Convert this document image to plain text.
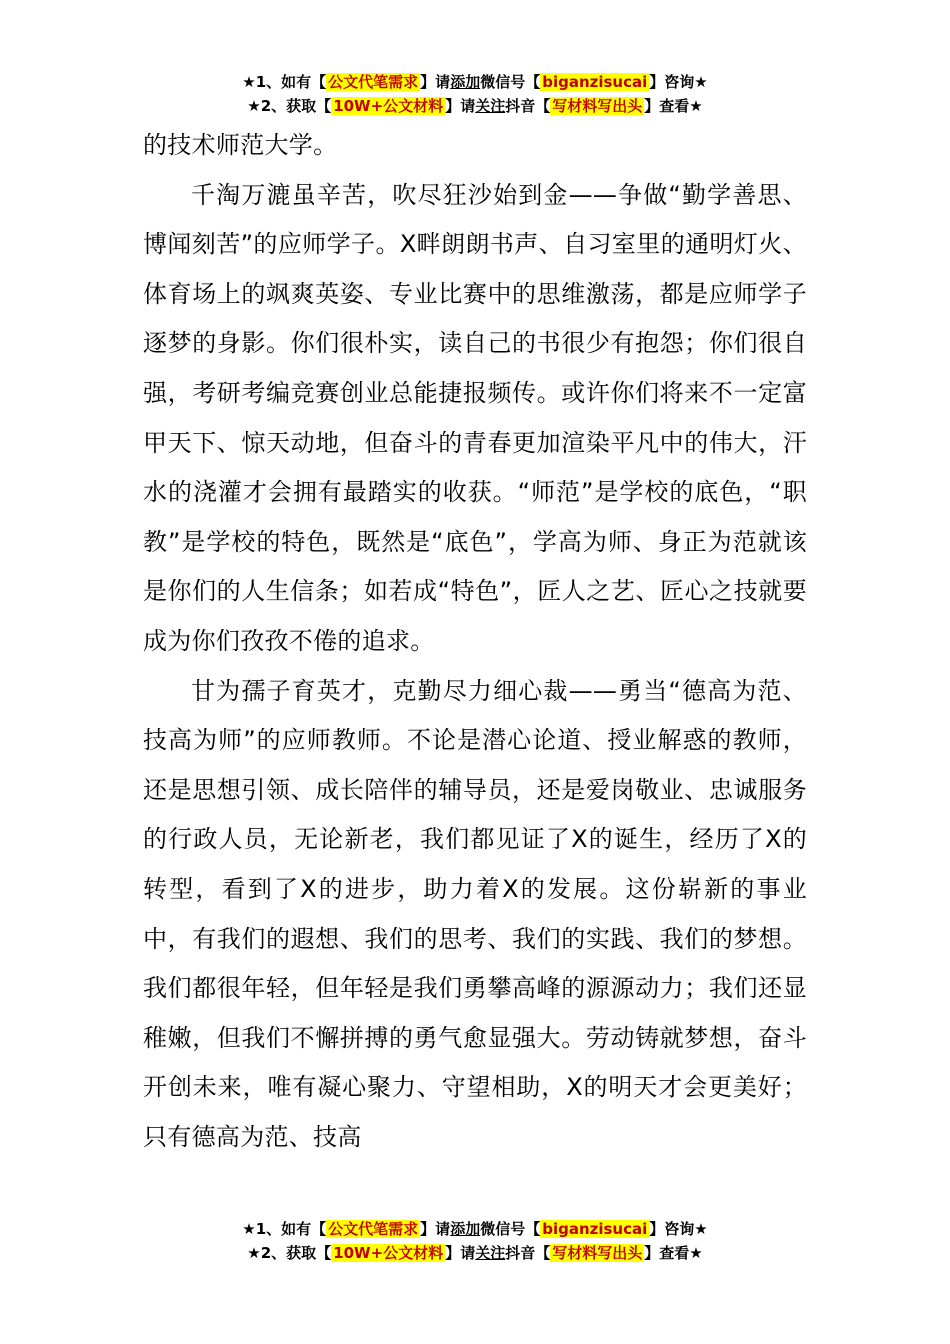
★1、如有【 公文代笔需求 】请添加微信号【 biganzisucai 】咨询★
★2、获取【 10W+公文材料 】请关注抖音【 写材料写出头 】查看★

的技术师范大学。

千淘万漉虽辛苦，吹尽狂沙始到金——争做“勤学善思、博闻刻苦”的应师学子。X畔朗朗书声、自习室里的通明灯火、体育场上的飒爽英姿、专业比赛中的思维激荡，都是应师学子逐梦的身影。你们很朴实，读自己的书很少有抱怨；你们很自强，考研考编竞赛创业总能捷报频传。或许你们将来不一定富甲天下、惊天动地，但奋斗的青春更加渲染平凡中的伟大，汗水的浇灌才会拥有最踏实的收获。“师范”是学校的底色，“职教”是学校的特色，既然是“底色”，学高为师、身正为范就该是你们的人生信条；如若成“特色”，匠人之艺、匠心之技就要成为你们孜孜不倦的追求。

甘为孺子育英才，克勤尽力细心裁——勇当“德高为范、技高为师”的应师教师。不论是潜心论道、授业解惑的教师，还是思想引领、成长陪伴的辅导员，还是爱岗敬业、忠诚服务的行政人员，无论新老，我们都见证了X的诞生，经历了X的转型，看到了X的进步，助力着X的发展。这份崭新的事业中，有我们的遐想、我们的思考、我们的实践、我们的梦想。我们都很年轻，但年轻是我们勇攀高峰的源源动力；我们还显稚嫩，但我们不懈拼搏的勇气愈显强大。劳动铸就梦想，奋斗开创未来，唯有凝心聚力、守望相助，X的明天才会更美好；只有德高为范、技高

★1、如有【 公文代笔需求 】请添加微信号【 biganzisucai 】咨询★
★2、获取【 10W+公文材料 】请关注抖音【 写材料写出头 】查看★
